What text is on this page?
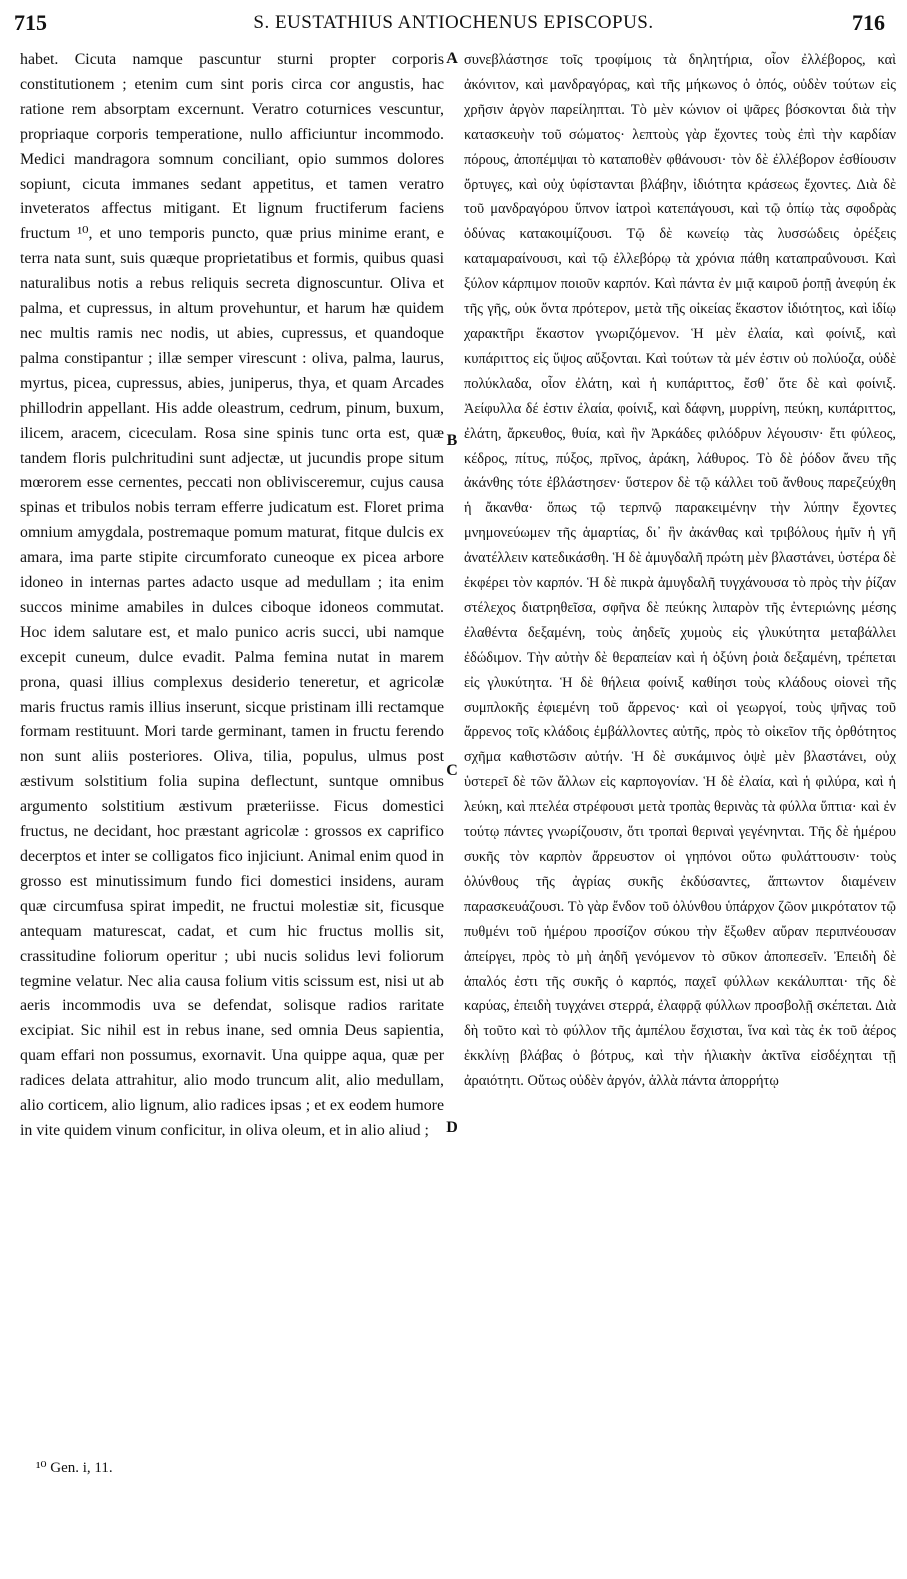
715	S. EUSTATHIUS ANTIOCHENUS EPISCOPUS.	716

habet. Cicuta namque pascuntur sturni propter corporis constitutionem ; etenim cum sint poris circa cor angustis, hac ratione rem absorptam excernunt. Veratro coturnices vescuntur, propriaque corporis temperatione, nullo afficiuntur incommodo. Medici mandragora somnum conciliant, opio summos dolores sopiunt, cicuta immanes sedant appetitus, et tamen veratro inveteratos affectus mitigant. Et lignum fructiferum faciens fructum ¹⁰, et uno temporis puncto, quæ prius minime erant, e terra nata sunt, suis quæque proprietatibus et formis, quibus quasi naturalibus notis a rebus reliquis secreta dignoscuntur. Oliva et palma, et cupressus, in altum provehuntur, et harum hæ quidem nec multis ramis nec nodis, ut abies, cupressus, et quandoque palma constipantur ; illæ semper virescunt : oliva, palma, laurus, myrtus, picea, cupressus, abies, juniperus, thya, et quam Arcades phillodrin appellant. His adde oleastrum, cedrum, pinum, buxum, ilicem, aracem, ciceculam. Rosa sine spinis tunc orta est, quæ tandem floris pulchritudini sunt adjectæ, ut jucundis prope situm mœrorem esse cernentes, peccati non oblivisceremur, cujus causa spinas et tribulos nobis terram efferre judicatum est. Floret prima omnium amygdala, postremaque pomum maturat, fitque dulcis ex amara, ima parte stipite circumforato cuneoque ex picea arbore idoneo in internas partes adacto usque ad medullam ; ita enim succos minime amabiles in dulces ciboque idoneos commutat. Hoc idem salutare est, et malo punico acris succi, ubi namque excepit cuneum, dulce evadit. Palma femina nutat in marem prona, quasi illius complexus desiderio teneretur, et agricolæ maris fructus ramis illius inserunt, sicque pristinam illi rectamque formam restituunt. Mori tarde germinant, tamen in fructu ferendo non sunt aliis posteriores. Oliva, tilia, populus, ulmus post æstivum solstitium folia supina deflectunt, suntque omnibus argumento solstitium æstivum præteriisse. Ficus domestici fructus, ne decidant, hoc præstant agricolæ : grossos ex caprifico decerptos et inter se colligatos fico injiciunt. Animal enim quod in grosso est minutissimum fundo fici domestici insidens, auram quæ circumfusa spirat impedit, ne fructui molestiæ sit, ficusque antequam maturescat, cadat, et cum hic fructus mollis sit, crassitudine foliorum operitur ; ubi nucis solidus levi foliorum tegmine velatur. Nec alia causa folium vitis scissum est, nisi ut ab aeris incommodis uva se defendat, solisque radios raritate excipiat. Sic nihil est in rebus inane, sed omnia Deus sapientia, quam effari non possumus, exornavit. Una quippe aqua, quæ per radices delata attrahitur, alio modo truncum alit, alio medullam, alio corticem, alio lignum, alio radices ipsas ; et ex eodem humore in vite quidem vinum conficitur, in oliva oleum, et in alio aliud ;

συνεβλάστησε τοῖς τροφίμοις τὰ δηλητήρια, οἷον ἐλλέβορος, καὶ ἀκόνιτον, καὶ μανδραγόρας, καὶ τῆς μήκωνος ὁ ὀπός, οὐδὲν τούτων εἰς χρῆσιν ἀργὸν παρείληπται. Τὸ μὲν κώνιον οἱ ψᾶρες βόσκονται διὰ τὴν κατασκευὴν τοῦ σώματος· λεπτοὺς γὰρ ἔχοντες τοὺς ἐπὶ τὴν καρδίαν πόρους, ἀποπέμψαι τὸ καταποθὲν φθάνουσι· τὸν δὲ ἐλλέβορον ἐσθίουσιν ὄρτυγες, καὶ οὐχ ὑφίστανται βλάβην, ἰδιότητα κράσεως ἔχοντες. Διὰ δὲ τοῦ μανδραγόρου ὕπνον ἰατροὶ κατεπάγουσι, καὶ τῷ ὀπίῳ τὰς σφοδρὰς ὀδύνας κατακοιμίζουσι. Τῷ δὲ κωνείῳ τὰς λυσσώδεις ὀρέξεις καταμαραίνουσι, καὶ τῷ ἐλλεβόρῳ τὰ χρόνια πάθη καταπραΰνουσι. Καὶ ξύλον κάρπιμον ποιοῦν καρπόν. Καὶ πάντα ἐν μιᾷ καιροῦ ῥοπῇ ἀνεφύη ἐκ τῆς γῆς, οὐκ ὄντα πρότερον, μετὰ τῆς οἰκείας ἕκαστον ἰδιότητος, καὶ ἰδίῳ χαρακτῆρι ἕκαστον γνωριζόμενον. Ἡ μὲν ἐλαία, καὶ φοίνιξ, καὶ κυπάριττος εἰς ὕψος αὔξονται. Καὶ τούτων τὰ μέν ἐστιν οὐ πολύοζα, οὐδὲ πολύκλαδα, οἷον ἐλάτη, καὶ ἡ κυπάριττος, ἔσθ᾽ ὅτε δὲ καὶ φοίνιξ. Ἀείφυλλα δέ ἐστιν ἐλαία, φοίνιξ, καὶ δάφνη, μυρρίνη, πεύκη, κυπάριττος, ἐλάτη, ἄρκευθος, θυία, καὶ ἣν Ἀρκάδες φιλόδρυν λέγουσιν· ἔτι φύλεος, κέδρος, πίτυς, πύξος, πρῖνος, ἀράκη, λάθυρος. Τὸ δὲ ῥόδον ἄνευ τῆς ἀκάνθης τότε ἐβλάστησεν· ὕστερον δὲ τῷ κάλλει τοῦ ἄνθους παρεζεύχθη ἡ ἄκανθα· ὅπως τῷ τερπνῷ παρακειμένην τὴν λύπην ἔχοντες μνημονεύωμεν τῆς ἁμαρτίας, δι᾽ ἣν ἀκάνθας καὶ τριβόλους ἡμῖν ἡ γῆ ἀνατέλλειν κατεδικάσθη. Ἡ δὲ ἀμυγδαλῆ πρώτη μὲν βλαστάνει, ὑστέρα δὲ ἐκφέρει τὸν καρπόν. Ἡ δὲ πικρὰ ἀμυγδαλῆ τυγχάνουσα τὸ πρὸς τὴν ῥίζαν στέλεχος διατρηθεῖσα, σφῆνα δὲ πεύκης λιπαρὸν τῆς ἐντεριώνης μέσης ἐλαθέντα δεξαμένη, τοὺς ἀηδεῖς χυμοὺς εἰς γλυκύτητα μεταβάλλει ἐδώδιμον. Τὴν αὐτὴν δὲ θεραπείαν καὶ ἡ ὀξύνη ῥοιὰ δεξαμένη, τρέπεται εἰς γλυκύτητα. Ἡ δὲ θήλεια φοίνιξ καθίησι τοὺς κλάδους οἱονεὶ τῆς συμπλοκῆς ἐφιεμένη τοῦ ἄρρενος· καὶ οἱ γεωργοί, τοὺς ψῆνας τοῦ ἄρρενος τοῖς κλάδοις ἐμβάλλοντες αὐτῆς, πρὸς τὸ οἰκεῖον τῆς ὀρθότητος σχῆμα καθιστῶσιν αὐτήν. Ἡ δὲ συκάμινος ὀψὲ μὲν βλαστάνει, οὐχ ὑστερεῖ δὲ τῶν ἄλλων εἰς καρπογονίαν. Ἡ δὲ ἐλαία, καὶ ἡ φιλύρα, καὶ ἡ λεύκη, καὶ πτελέα στρέφουσι μετὰ τροπὰς θερινὰς τὰ φύλλα ὕπτια· καὶ ἐν τούτῳ πάντες γνωρίζουσιν, ὅτι τροπαὶ θεριναὶ γεγένηνται. Τῆς δὲ ἡμέρου συκῆς τὸν καρπὸν ἄρρευστον οἱ γηπόνοι οὕτω φυλάττουσιν· τοὺς ὀλύνθους τῆς ἀγρίας συκῆς ἐκδύσαντες, ἅπτωντον διαμένειν παρασκευάζουσι. Τὸ γὰρ ἔνδον τοῦ ὀλύνθου ὑπάρχον ζῶον μικρότατον τῷ πυθμένι τοῦ ἡμέρου προσίζον σύκου τὴν ἔξωθεν αὔραν περιπνέουσαν ἀπείργει, πρὸς τὸ μὴ ἀηδῆ γενόμενον τὸ σῦκον ἀποπεσεῖν. Ἐπειδὴ δὲ ἁπαλός ἐστι τῆς συκῆς ὁ καρπός, παχεῖ φύλλων κεκάλυπται· τῆς δὲ καρύας, ἐπειδὴ τυγχάνει στερρά, ἐλαφρᾷ φύλλων προσβολῇ σκέπεται. Διὰ δὴ τοῦτο καὶ τὸ φύλλον τῆς ἀμπέλου ἔσχισται, ἵνα καὶ τὰς ἐκ τοῦ ἀέρος ἐκκλίνῃ βλάβας ὁ βότρυς, καὶ τὴν ἡλιακὴν ἀκτῖνα εἰσδέχηται τῇ ἀραιότητι. Οὕτως οὐδὲν ἀργόν, ἀλλὰ πάντα ἀπορρήτῳ

A
B
C
D
¹⁰ Gen. i, 11.
